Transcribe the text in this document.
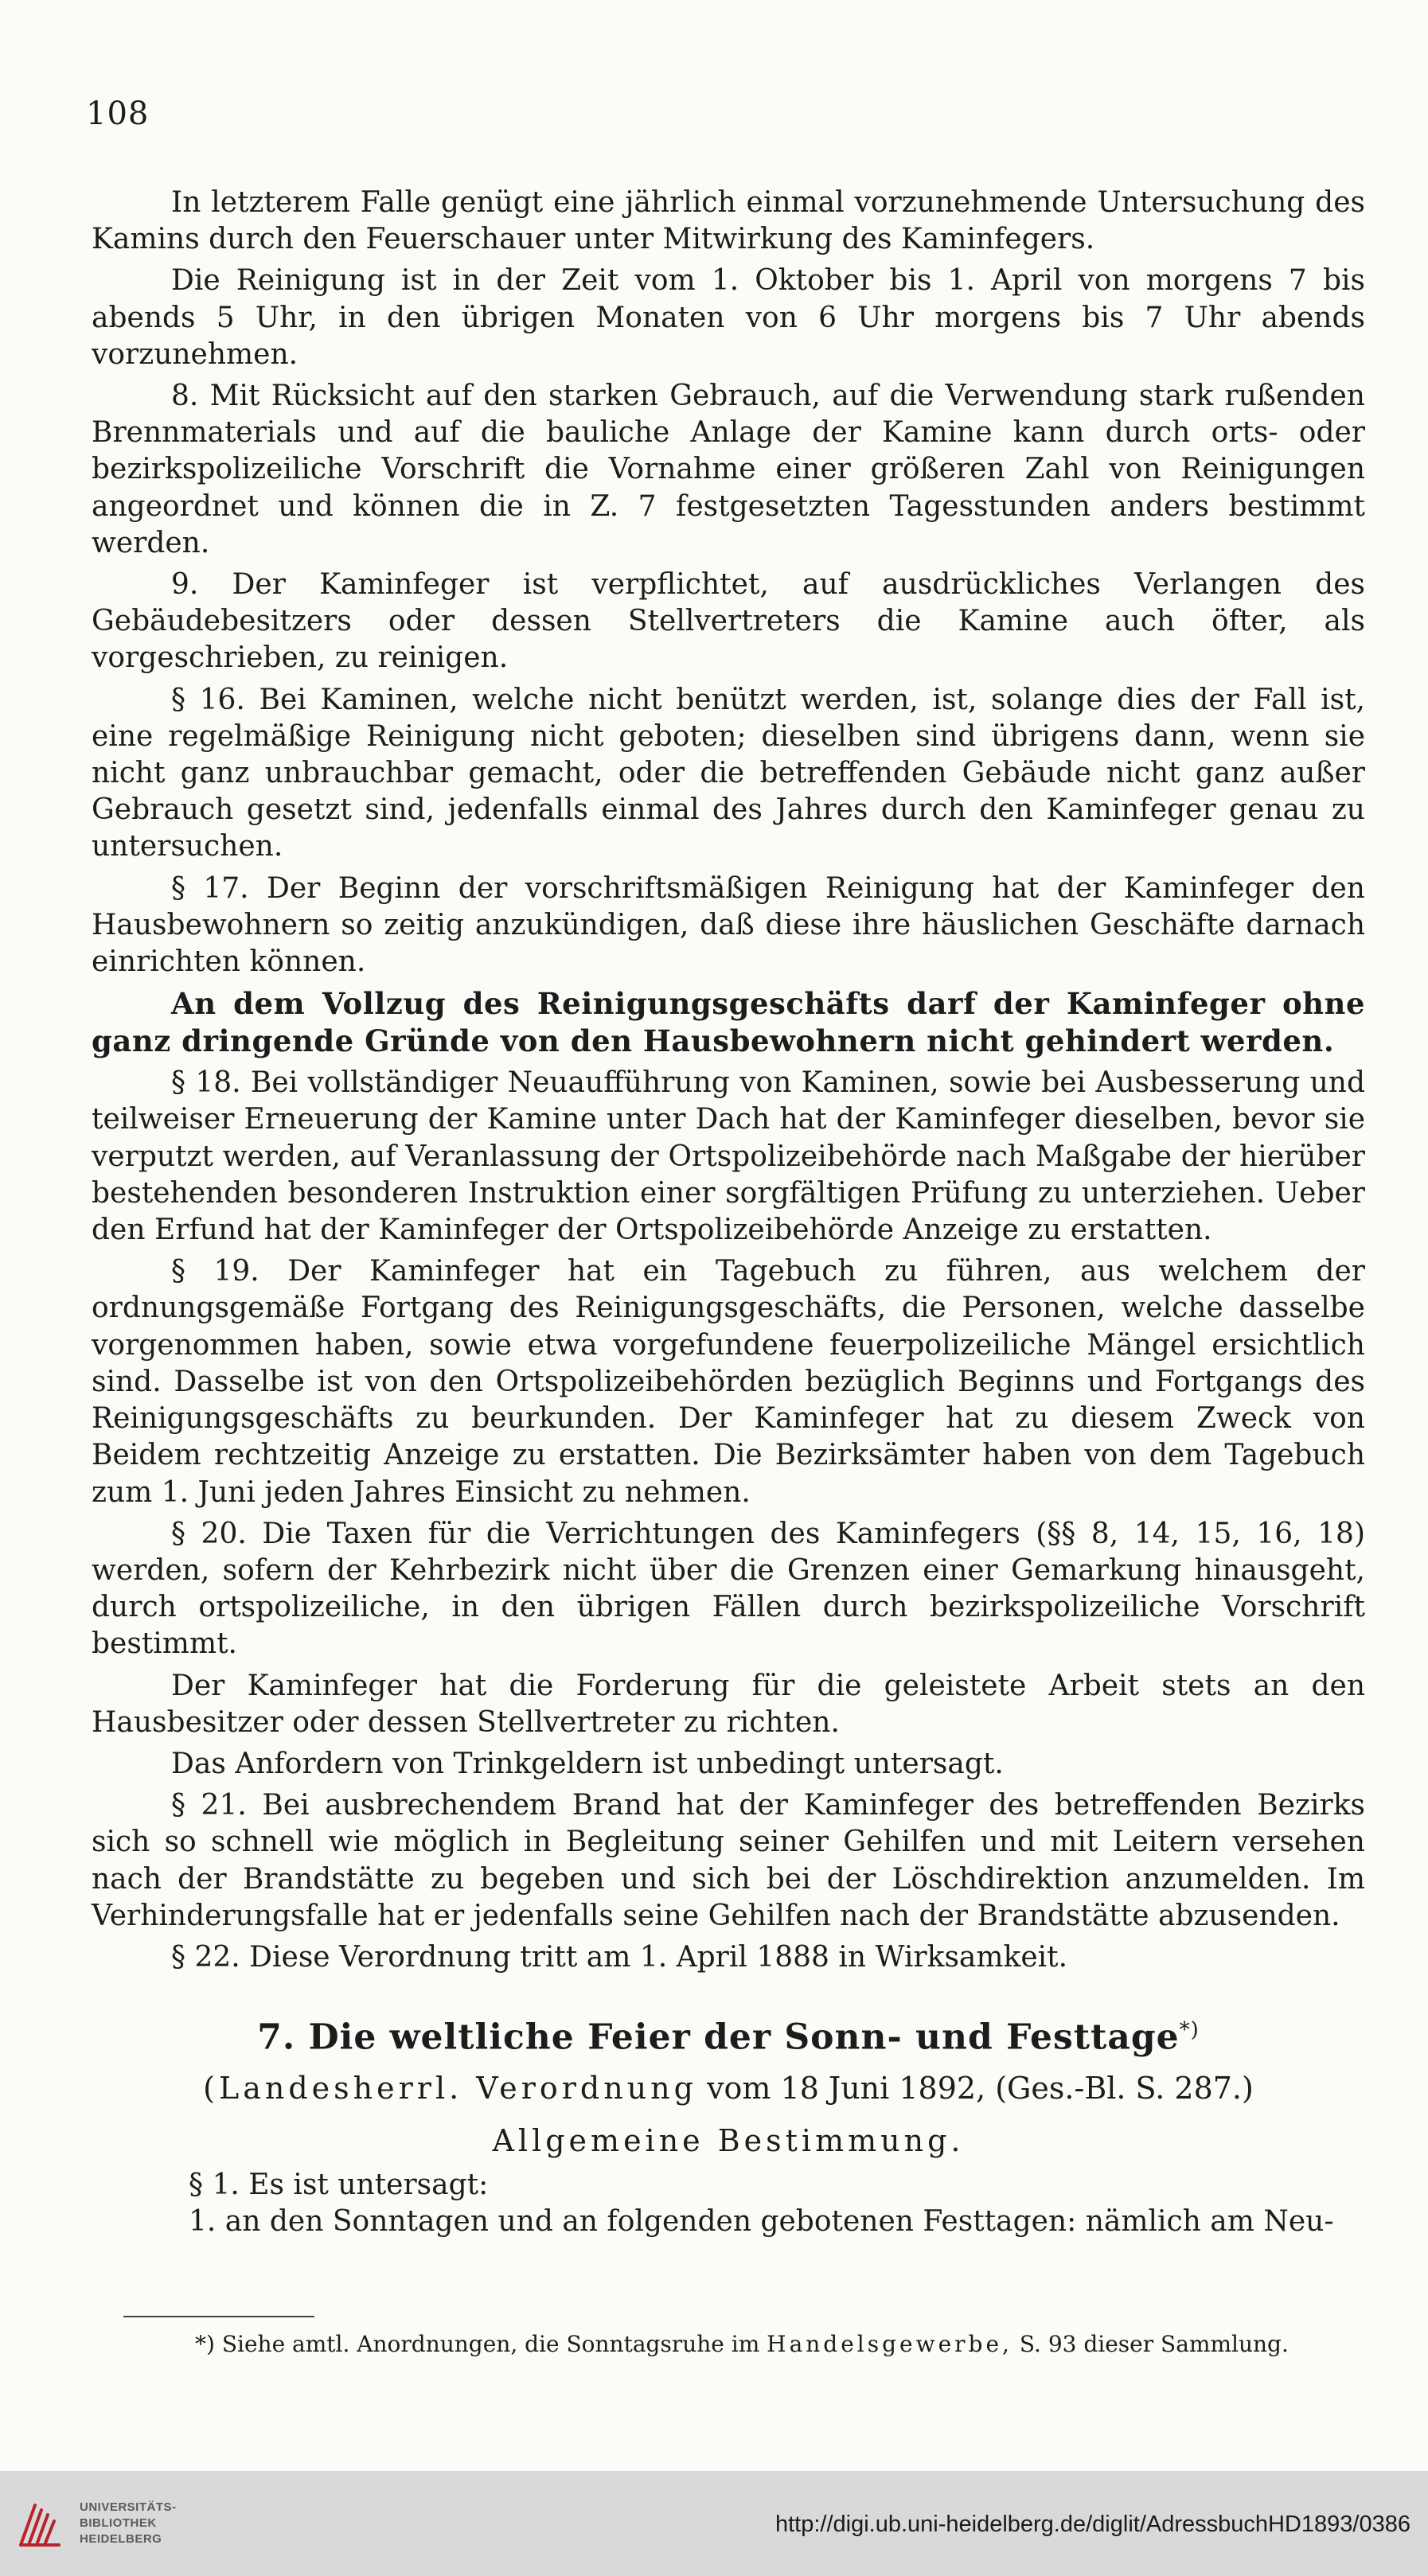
108

In letzterem Falle genügt eine jährlich einmal vorzunehmende Untersuchung des Kamins durch den Feuerschauer unter Mitwirkung des Kaminfegers.

Die Reinigung ist in der Zeit vom 1. Oktober bis 1. April von morgens 7 bis abends 5 Uhr, in den übrigen Monaten von 6 Uhr morgens bis 7 Uhr abends vorzunehmen.

8. Mit Rücksicht auf den starken Gebrauch, auf die Verwendung stark rußenden Brennmaterials und auf die bauliche Anlage der Kamine kann durch orts- oder bezirkspolizeiliche Vorschrift die Vornahme einer größeren Zahl von Reinigungen angeordnet und können die in Z. 7 festgesetzten Tagesstunden anders bestimmt werden.

9. Der Kaminfeger ist verpflichtet, auf ausdrückliches Verlangen des Gebäudebesitzers oder dessen Stellvertreters die Kamine auch öfter, als vorgeschrieben, zu reinigen.

§ 16. Bei Kaminen, welche nicht benützt werden, ist, solange dies der Fall ist, eine regelmäßige Reinigung nicht geboten; dieselben sind übrigens dann, wenn sie nicht ganz unbrauchbar gemacht, oder die betreffenden Gebäude nicht ganz außer Gebrauch gesetzt sind, jedenfalls einmal des Jahres durch den Kaminfeger genau zu untersuchen.

§ 17. Der Beginn der vorschriftsmäßigen Reinigung hat der Kaminfeger den Hausbewohnern so zeitig anzukündigen, daß diese ihre häuslichen Geschäfte darnach einrichten können.

An dem Vollzug des Reinigungsgeschäfts darf der Kaminfeger ohne ganz dringende Gründe von den Hausbewohnern nicht gehindert werden.

§ 18. Bei vollständiger Neuaufführung von Kaminen, sowie bei Ausbesserung und teilweiser Erneuerung der Kamine unter Dach hat der Kaminfeger dieselben, bevor sie verputzt werden, auf Veranlassung der Ortspolizeibehörde nach Maßgabe der hierüber bestehenden besonderen Instruktion einer sorgfältigen Prüfung zu unterziehen. Ueber den Erfund hat der Kaminfeger der Ortspolizeibehörde Anzeige zu erstatten.

§ 19. Der Kaminfeger hat ein Tagebuch zu führen, aus welchem der ordnungsgemäße Fortgang des Reinigungsgeschäfts, die Personen, welche dasselbe vorgenommen haben, sowie etwa vorgefundene feuerpolizeiliche Mängel ersichtlich sind. Dasselbe ist von den Ortspolizeibehörden bezüglich Beginns und Fortgangs des Reinigungsgeschäfts zu beurkunden. Der Kaminfeger hat zu diesem Zweck von Beidem rechtzeitig Anzeige zu erstatten. Die Bezirksämter haben von dem Tagebuch zum 1. Juni jeden Jahres Einsicht zu nehmen.

§ 20. Die Taxen für die Verrichtungen des Kaminfegers (§§ 8, 14, 15, 16, 18) werden, sofern der Kehrbezirk nicht über die Grenzen einer Gemarkung hinausgeht, durch ortspolizeiliche, in den übrigen Fällen durch bezirkspolizeiliche Vorschrift bestimmt.

Der Kaminfeger hat die Forderung für die geleistete Arbeit stets an den Hausbesitzer oder dessen Stellvertreter zu richten.

Das Anfordern von Trinkgeldern ist unbedingt untersagt.

§ 21. Bei ausbrechendem Brand hat der Kaminfeger des betreffenden Bezirks sich so schnell wie möglich in Begleitung seiner Gehilfen und mit Leitern versehen nach der Brandstätte zu begeben und sich bei der Löschdirektion anzumelden. Im Verhinderungsfalle hat er jedenfalls seine Gehilfen nach der Brandstätte abzusenden.

§ 22. Diese Verordnung tritt am 1. April 1888 in Wirksamkeit.

7. Die weltliche Feier der Sonn- und Festtage*)
(Landesherrl. Verordnung vom 18 Juni 1892, (Ges.-Bl. S. 287.)
Allgemeine Bestimmung.

§ 1. Es ist untersagt:

1. an den Sonntagen und an folgenden gebotenen Festtagen: nämlich am Neu-

*) Siehe amtl. Anordnungen, die Sonntagsruhe im Handelsgewerbe, S. 93 dieser Sammlung.
UNIVERSITÄTS-
BIBLIOTHEK
HEIDELBERG
http://digi.ub.uni-heidelberg.de/diglit/AdressbuchHD1893/0386
